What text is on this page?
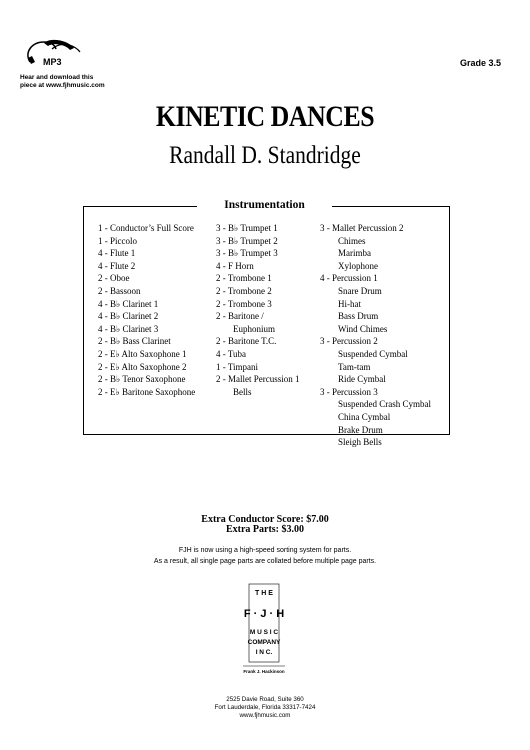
MP3
Hear and download this
piece at www.fjhmusic.com
Grade 3.5
KINETIC DANCES
Randall D. Standridge
Instrumentation
1 - Conductor’s Full Score
1 - Piccolo
4 - Flute 1
4 - Flute 2
2 - Oboe
2 - Bassoon
4 - B♭ Clarinet 1
4 - B♭ Clarinet 2
4 - B♭ Clarinet 3
2 - B♭ Bass Clarinet
2 - E♭ Alto Saxophone 1
2 - E♭ Alto Saxophone 2
2 - B♭ Tenor Saxophone
2 - E♭ Baritone Saxophone
3 - B♭ Trumpet 1
3 - B♭ Trumpet 2
3 - B♭ Trumpet 3
4 - F Horn
2 - Trombone 1
2 - Trombone 2
2 - Trombone 3
2 - Baritone /
Euphonium
2 - Baritone T.C.
4 - Tuba
1 - Timpani
2 - Mallet Percussion 1
Bells
3 - Mallet Percussion 2
Chimes
Marimba
Xylophone
4 - Percussion 1
Snare Drum
Hi-hat
Bass Drum
Wind Chimes
3 - Percussion 2
Suspended Cymbal
Tam-tam
Ride Cymbal
3 - Percussion 3
Suspended Crash Cymbal
China Cymbal
Brake Drum
Sleigh Bells
Extra Conductor Score: $7.00
Extra Parts: $3.00
FJH is now using a high-speed sorting system for parts.
As a result, all single page parts are collated before multiple page parts.
T H E
F · J · H
M U S I C
COMPANY
I N C.
Frank J. Hackinson
2525 Davie Road, Suite 360
Fort Lauderdale, Florida 33317-7424
www.fjhmusic.com
